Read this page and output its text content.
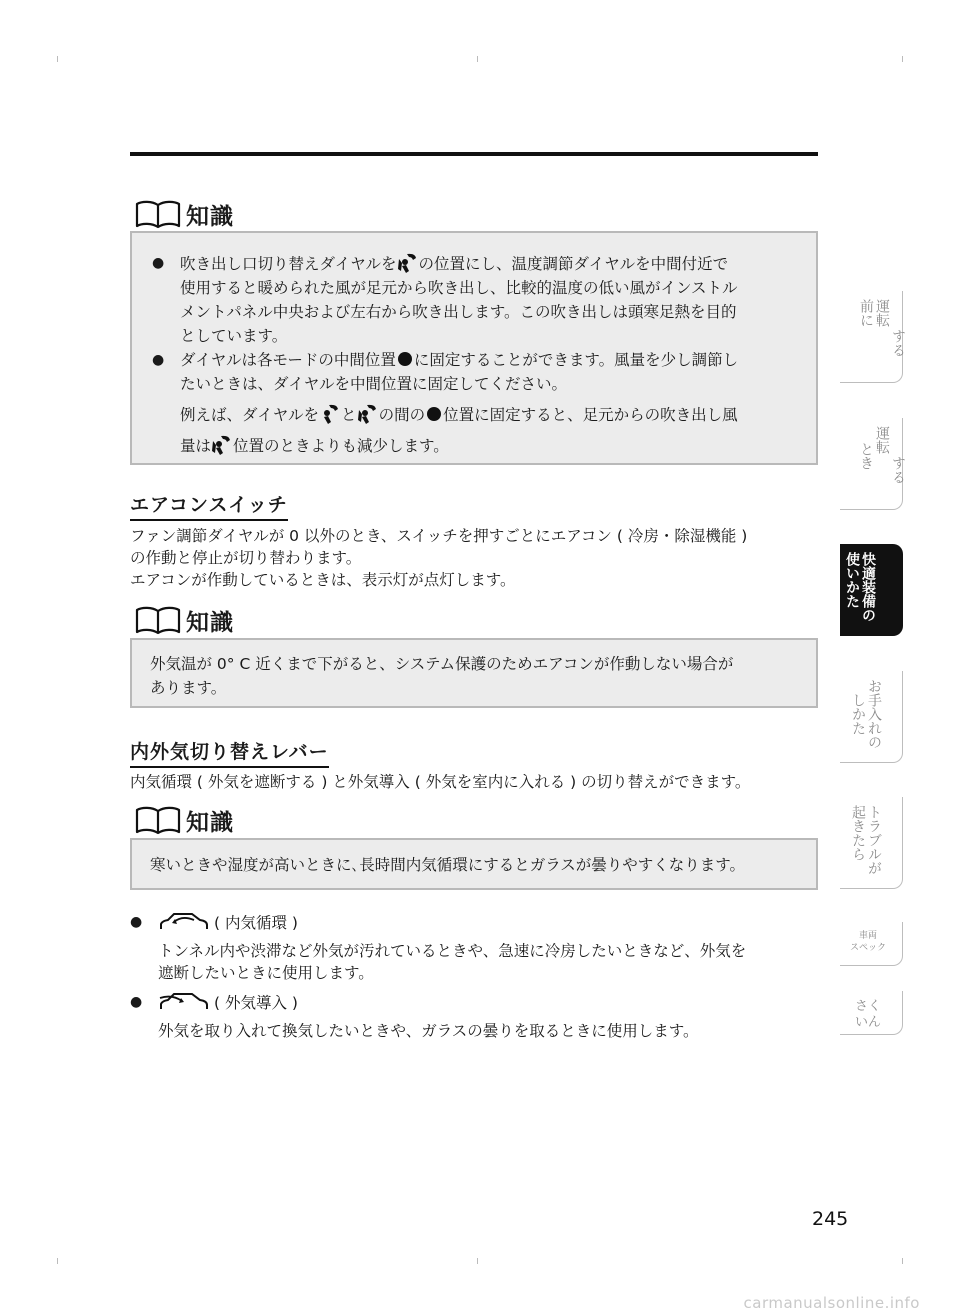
知識
●	吹き出し口切り替えダイヤルを の位置にし、温度調節ダイヤルを中間付近で
使用すると暖められた風が足元から吹き出し、比較的温度の低い風がインストル
メントパネル中央および左右から吹き出します。この吹き出しは頭寒足熱を目的
としています。
●	ダイヤルは各モードの中間位置 に固定することができます。風量を少し調節し
たいときは、ダイヤルを中間位置に固定してください。
例えば、ダイヤルを と の間の 位置に固定すると、足元からの吹き出し風
量は 位置のときよりも減少します。
エアコンスイッチ
ファン調節ダイヤルが 0 以外のとき、スイッチを押すごとにエアコン ( 冷房・除湿機能 )
の作動と停止が切り替わります。
エアコンが作動しているときは、表示灯が点灯します。
知識
外気温が 0° C 近くまで下がると、システム保護のためエアコンが作動しない場合が
あります。
内外気切り替えレバー
内気循環 ( 外気を遮断する ) と外気導入 ( 外気を室内に入れる ) の切り替えができます。
知識
寒いときや湿度が高いときに､長時間内気循環にするとガラスが曇りやすくなります。
●	( 内気循環 )
トンネル内や渋滞など外気が汚れているときや、急速に冷房したいときなど、外気を
遮断したいときに使用します。
●	( 外気導入 )
外気を取り入れて換気したいときや、ガラスの曇りを取るときに使用します。
運転
前に
　する
運転
とき 　する
快適装備の
使いかた
お手入れの
しかた
トラブルが
起きたら
車両
スペック
さく
いん
245
carmanualsonline.info
